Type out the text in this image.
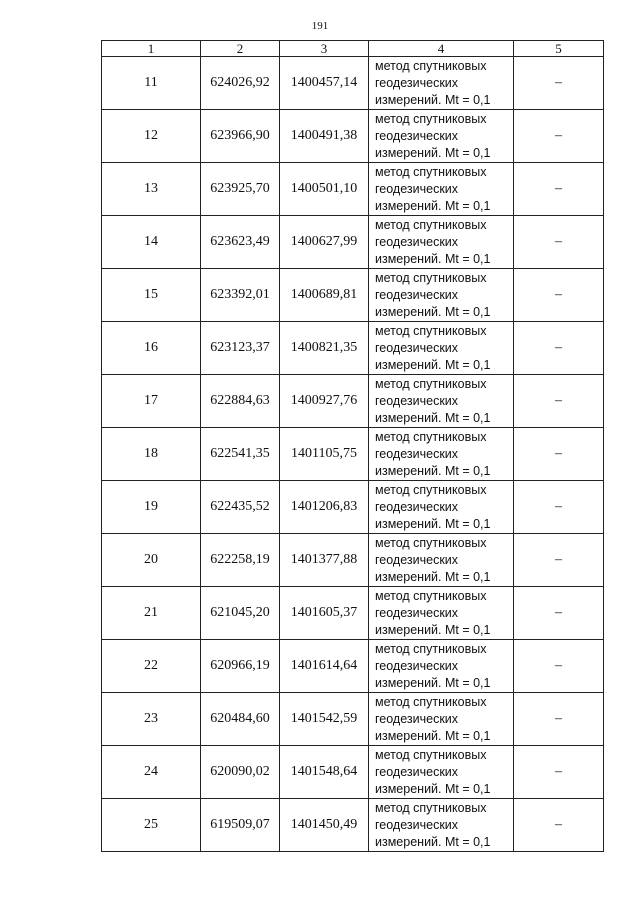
191
1	2	3	4	5
11	624026,92	1400457,14	метод спутниковых
геодезических
измерений. Mt = 0,1	–
12	623966,90	1400491,38	метод спутниковых
геодезических
измерений. Mt = 0,1	–
13	623925,70	1400501,10	метод спутниковых
геодезических
измерений. Mt = 0,1	–
14	623623,49	1400627,99	метод спутниковых
геодезических
измерений. Mt = 0,1	–
15	623392,01	1400689,81	метод спутниковых
геодезических
измерений. Mt = 0,1	–
16	623123,37	1400821,35	метод спутниковых
геодезических
измерений. Mt = 0,1	–
17	622884,63	1400927,76	метод спутниковых
геодезических
измерений. Mt = 0,1	–
18	622541,35	1401105,75	метод спутниковых
геодезических
измерений. Mt = 0,1	–
19	622435,52	1401206,83	метод спутниковых
геодезических
измерений. Mt = 0,1	–
20	622258,19	1401377,88	метод спутниковых
геодезических
измерений. Mt = 0,1	–
21	621045,20	1401605,37	метод спутниковых
геодезических
измерений. Mt = 0,1	–
22	620966,19	1401614,64	метод спутниковых
геодезических
измерений. Mt = 0,1	–
23	620484,60	1401542,59	метод спутниковых
геодезических
измерений. Mt = 0,1	–
24	620090,02	1401548,64	метод спутниковых
геодезических
измерений. Mt = 0,1	–
25	619509,07	1401450,49	метод спутниковых
геодезических
измерений. Mt = 0,1	–
